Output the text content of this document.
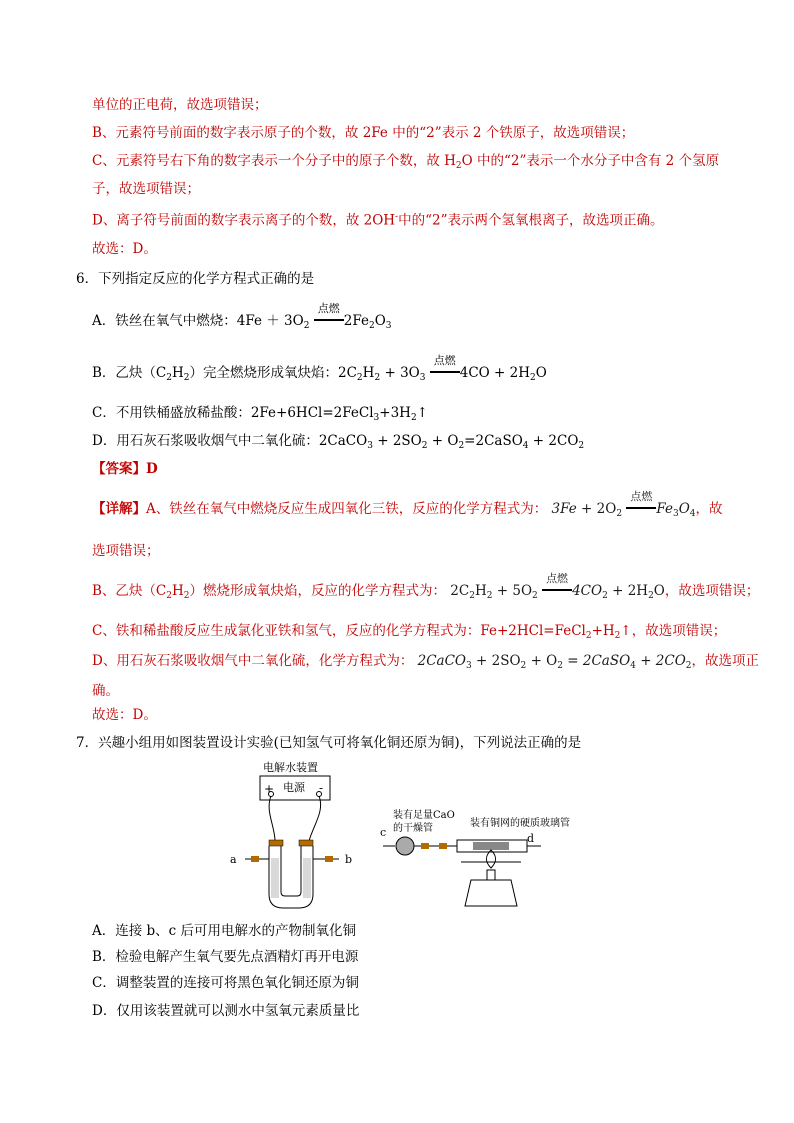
单位的正电荷，故选项错误；
B、元素符号前面的数字表示原子的个数，故 2Fe 中的“2”表示 2 个铁原子，故选项错误；
C、元素符号右下角的数字表示一个分子中的原子个数，故 $H_2O$ 中的“2”表示一个水分子中含有 2 个氢原
子，故选项错误；
D、离子符号前面的数字表示离子的个数，故 2OH-中的“2”表示两个氢氧根离子，故选项正确。
故选：D。
6．下列指定反应的化学方程式正确的是
A．铁丝在氧气中燃烧：$4Fe + 3O_2$
点燃
$2Fe_2O_3$
B．乙炔$(C_2H_2)$完全燃烧形成氧炔焰：$2C_2H_2 + 3O_3$
点燃
$4CO + 2H_2O$
C．不用铁桶盛放稀盐酸：$2Fe+6HCl=2FeCl_3+3H_2↑$
D．用石灰石浆吸收烟气中二氧化硫：2CaCO$_3$ + $2SO_2$ + $O_2=2CaSO_4 + 2CO_2$
【答案】D
【详解】A、铁丝在氧气中燃烧反应生成四氧化三铁，反应的化学方程式为： $3Fe + 2O_2$
点燃
$Fe_3O_4$，故
选项错误；
B、乙炔$(C_2H_2)$燃烧形成氧炔焰，反应的化学方程式为： $2C_2H_2 + 5O_2$
点燃
$4CO_2 + 2H_2O$，故选项错误；
C、铁和稀盐酸反应生成氯化亚铁和氢气，反应的化学方程式为：$Fe+2HCl=FeCl_2+H_2↑$，故选项错误；
D、用石灰石浆吸收烟气中二氧化硫，化学方程式为： 2CaCO$_3$ + $2SO_2 + O_2$ = 2CaSO$_4$ + $2CO_2$，故选项正
确。
故选：D。
7．兴趣小组用如图装置设计实验(已知氢气可将氧化铜还原为铜)，下列说法正确的是
电解水装置
电源
+	-
a	b
装有足量CaO
的干燥管
c
装有铜网的硬质玻璃管
d
A．连接 b、c 后可用电解水的产物制氧化铜
B．检验电解产生氧气要先点酒精灯再开电源
C．调整装置的连接可将黑色氧化铜还原为铜
D．仅用该装置就可以测水中氢氧元素质量比
